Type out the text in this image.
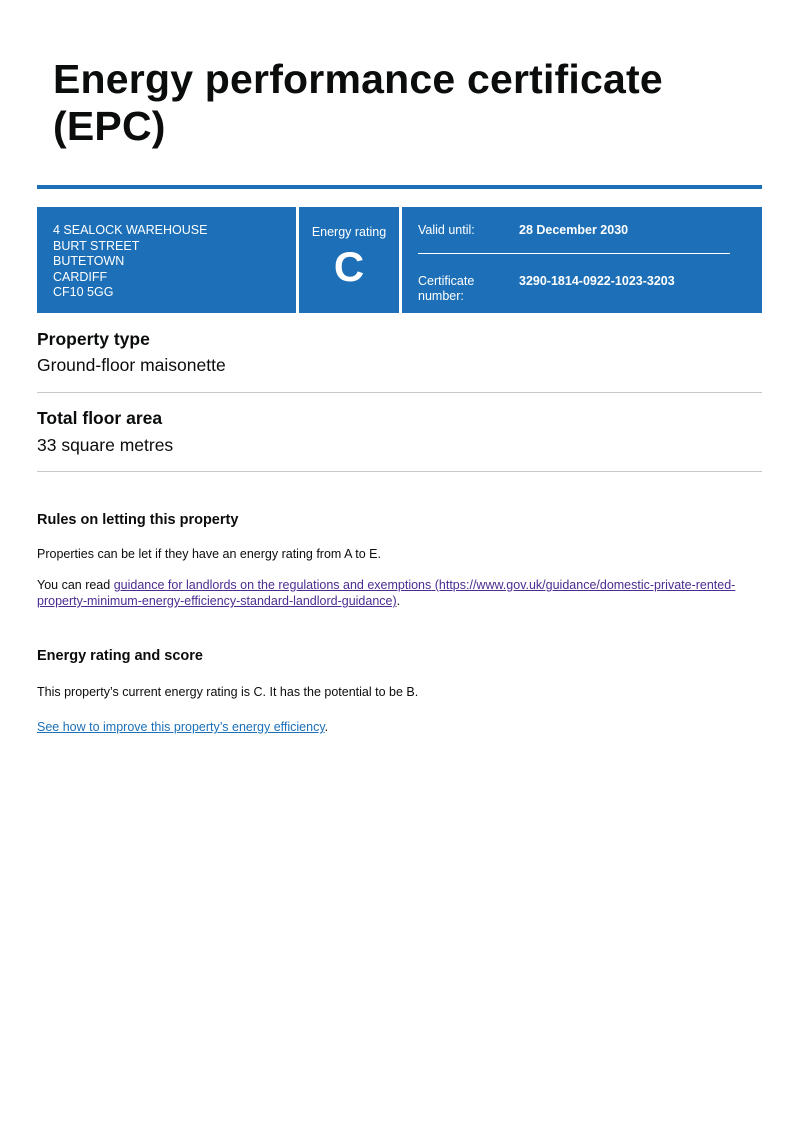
Energy performance certificate (EPC)
4 SEALOCK WAREHOUSE
BURT STREET
BUTETOWN
CARDIFF
CF10 5GG
Energy rating
C
Valid until:	28 December 2030
Certificate
number:
3290-1814-0922-1023-3203
Property type
Ground-floor maisonette
Total floor area
33 square metres
Rules on letting this property

Properties can be let if they have an energy rating from A to E.

You can read guidance for landlords on the regulations and exemptions (https://www.gov.uk/guidance/domestic-private-rented-property-minimum-energy-efficiency-standard-landlord-guidance).

Energy rating and score

This property’s current energy rating is C. It has the potential to be B.

See how to improve this property’s energy efficiency.
